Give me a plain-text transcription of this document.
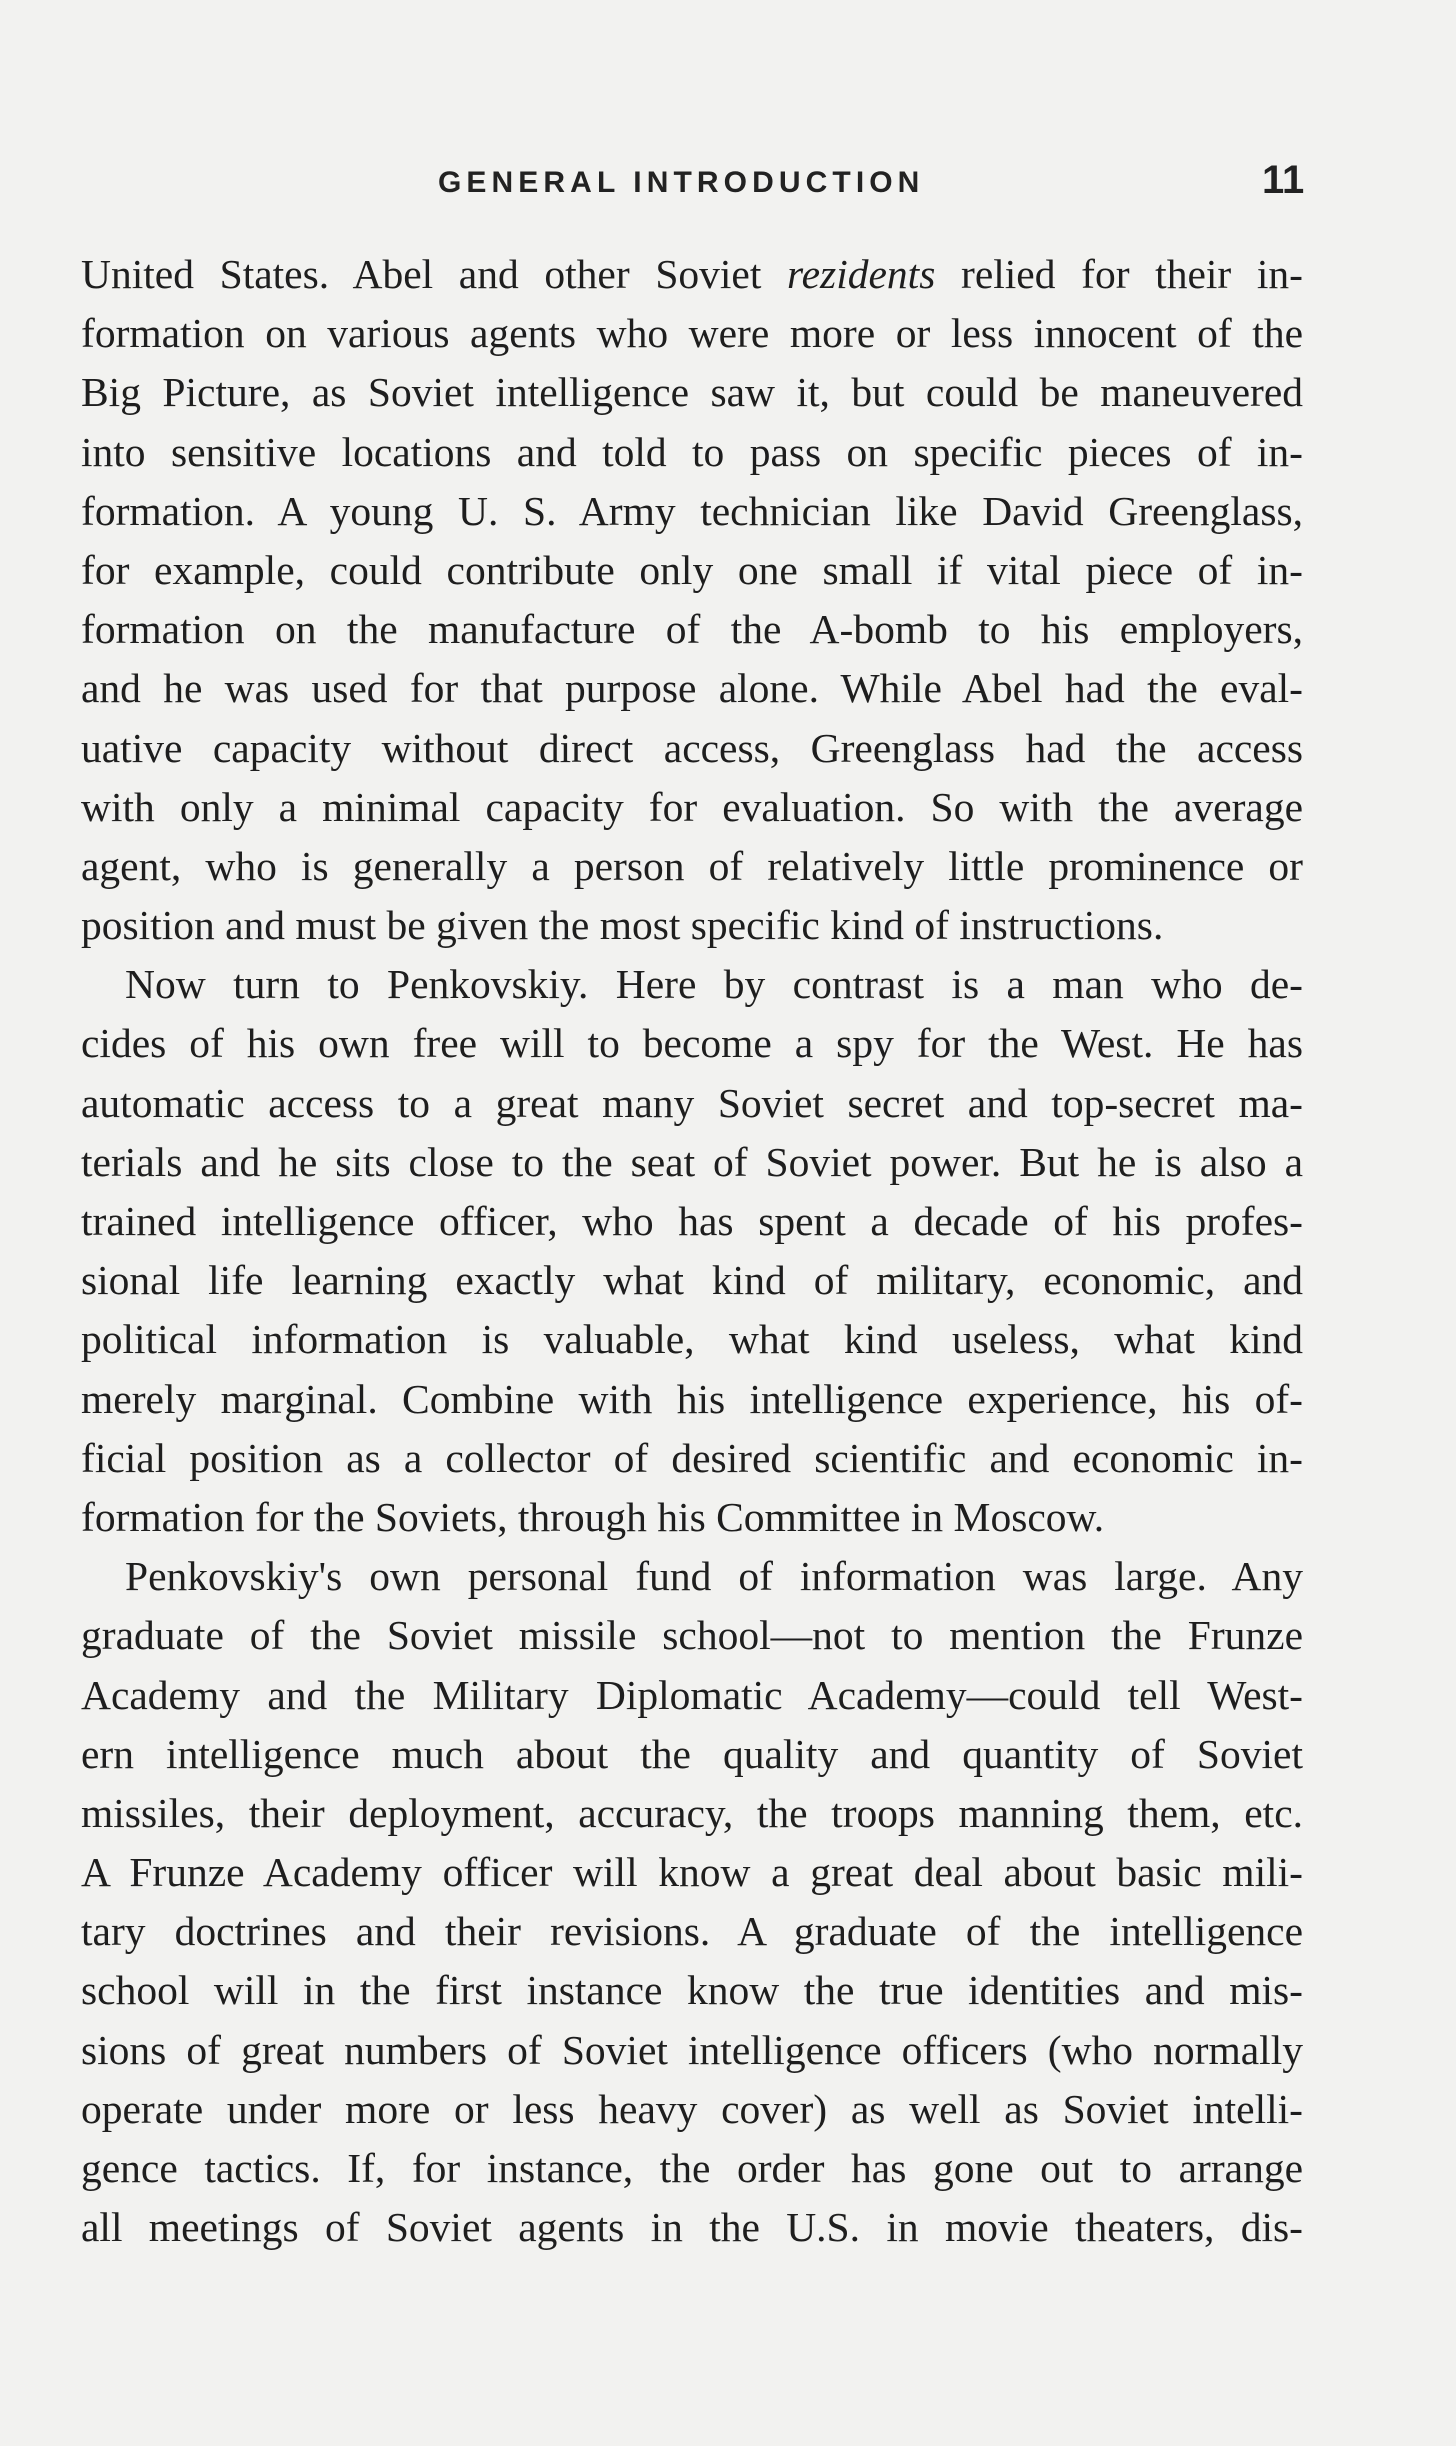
GENERAL INTRODUCTION	11
United States. Abel and other Soviet rezidents relied for their in-
formation on various agents who were more or less innocent of the
Big Picture, as Soviet intelligence saw it, but could be maneuvered
into sensitive locations and told to pass on specific pieces of in-
formation. A young U. S. Army technician like David Greenglass,
for example, could contribute only one small if vital piece of in-
formation on the manufacture of the A-bomb to his employers,
and he was used for that purpose alone. While Abel had the eval-
uative capacity without direct access, Greenglass had the access
with only a minimal capacity for evaluation. So with the average
agent, who is generally a person of relatively little prominence or
position and must be given the most specific kind of instructions.
Now turn to Penkovskiy. Here by contrast is a man who de-
cides of his own free will to become a spy for the West. He has
automatic access to a great many Soviet secret and top-secret ma-
terials and he sits close to the seat of Soviet power. But he is also a
trained intelligence officer, who has spent a decade of his profes-
sional life learning exactly what kind of military, economic, and
political information is valuable, what kind useless, what kind
merely marginal. Combine with his intelligence experience, his of-
ficial position as a collector of desired scientific and economic in-
formation for the Soviets, through his Committee in Moscow.
Penkovskiy's own personal fund of information was large. Any
graduate of the Soviet missile school—not to mention the Frunze
Academy and the Military Diplomatic Academy—could tell West-
ern intelligence much about the quality and quantity of Soviet
missiles, their deployment, accuracy, the troops manning them, etc.
A Frunze Academy officer will know a great deal about basic mili-
tary doctrines and their revisions. A graduate of the intelligence
school will in the first instance know the true identities and mis-
sions of great numbers of Soviet intelligence officers (who normally
operate under more or less heavy cover) as well as Soviet intelli-
gence tactics. If, for instance, the order has gone out to arrange
all meetings of Soviet agents in the U.S. in movie theaters, dis-
